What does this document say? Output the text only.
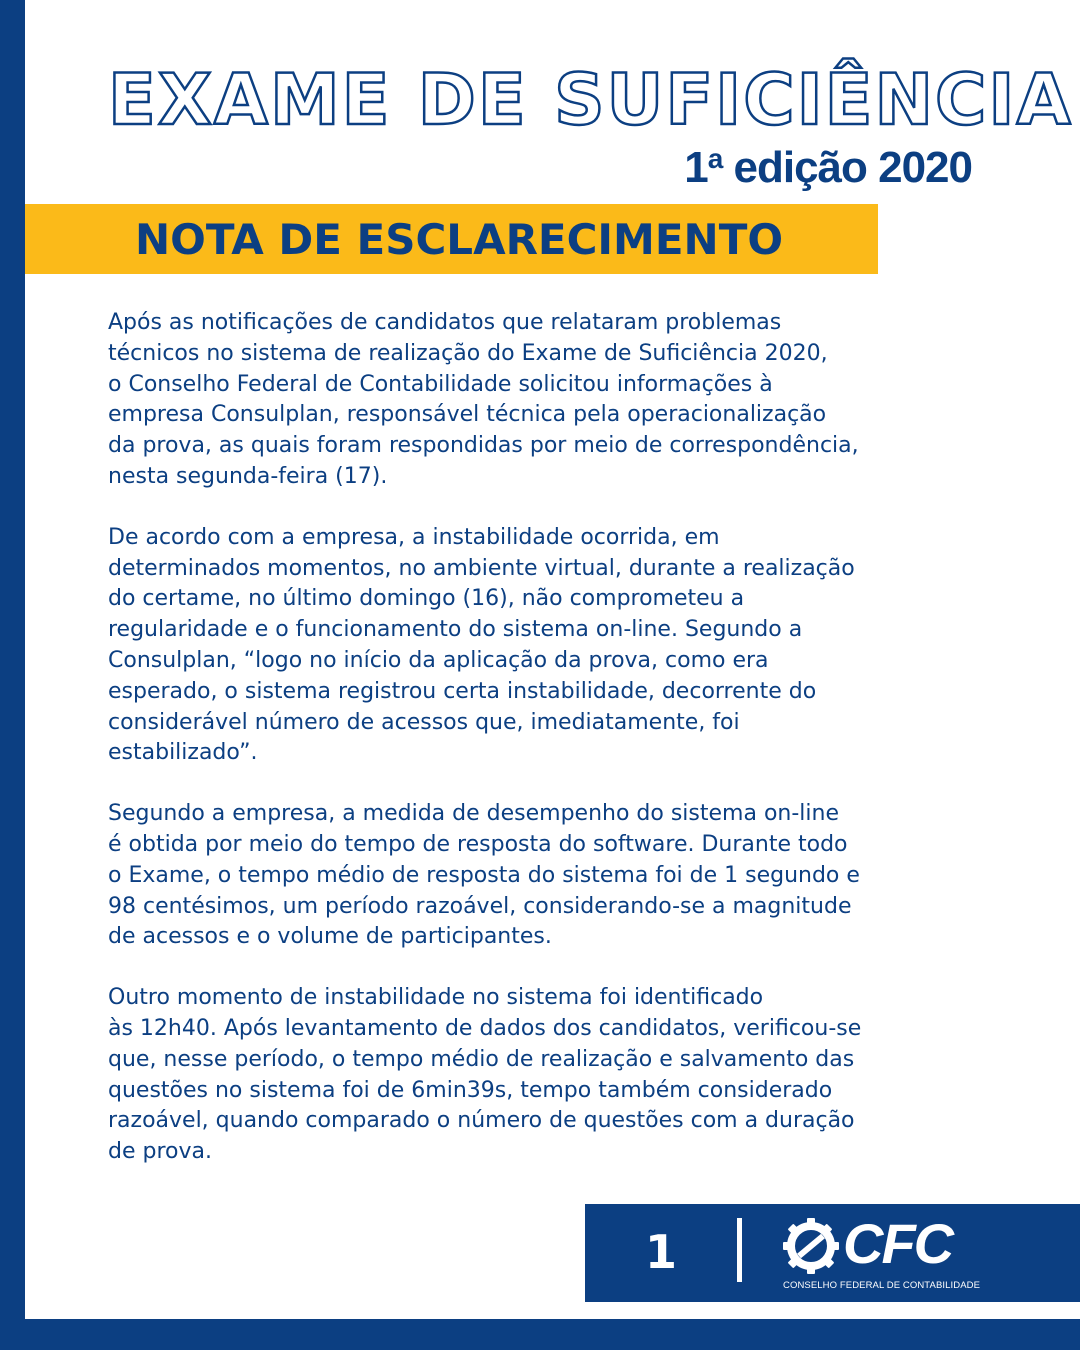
EXAME DE SUFICIÊNCIA
1$^a$ edição 2020
NOTA DE ESCLARECIMENTO

Após as notificações de candidatos que relataram problemas
técnicos no sistema de realização do Exame de Suficiência 2020,
o Conselho Federal de Contabilidade solicitou informações à
empresa Consulplan, responsável técnica pela operacionalização
da prova, as quais foram respondidas por meio de correspondência,
nesta segunda-feira (17).

De acordo com a empresa, a instabilidade ocorrida, em
determinados momentos, no ambiente virtual, durante a realização
do certame, no último domingo (16), não comprometeu a
regularidade e o funcionamento do sistema on-line. Segundo a
Consulplan, “logo no início da aplicação da prova, como era
esperado, o sistema registrou certa instabilidade, decorrente do
considerável número de acessos que, imediatamente, foi
estabilizado”.

Segundo a empresa, a medida de desempenho do sistema on-line
é obtida por meio do tempo de resposta do software. Durante todo
o Exame, o tempo médio de resposta do sistema foi de 1 segundo e
98 centésimos, um período razoável, considerando-se a magnitude
de acessos e o volume de participantes.

Outro momento de instabilidade no sistema foi identificado
às 12h40. Após levantamento de dados dos candidatos, verificou-se
que, nesse período, o tempo médio de realização e salvamento das
questões no sistema foi de 6min39s, tempo também considerado
razoável, quando comparado o número de questões com a duração
de prova.

1	CFC
CONSELHO FEDERAL DE CONTABILIDADE
